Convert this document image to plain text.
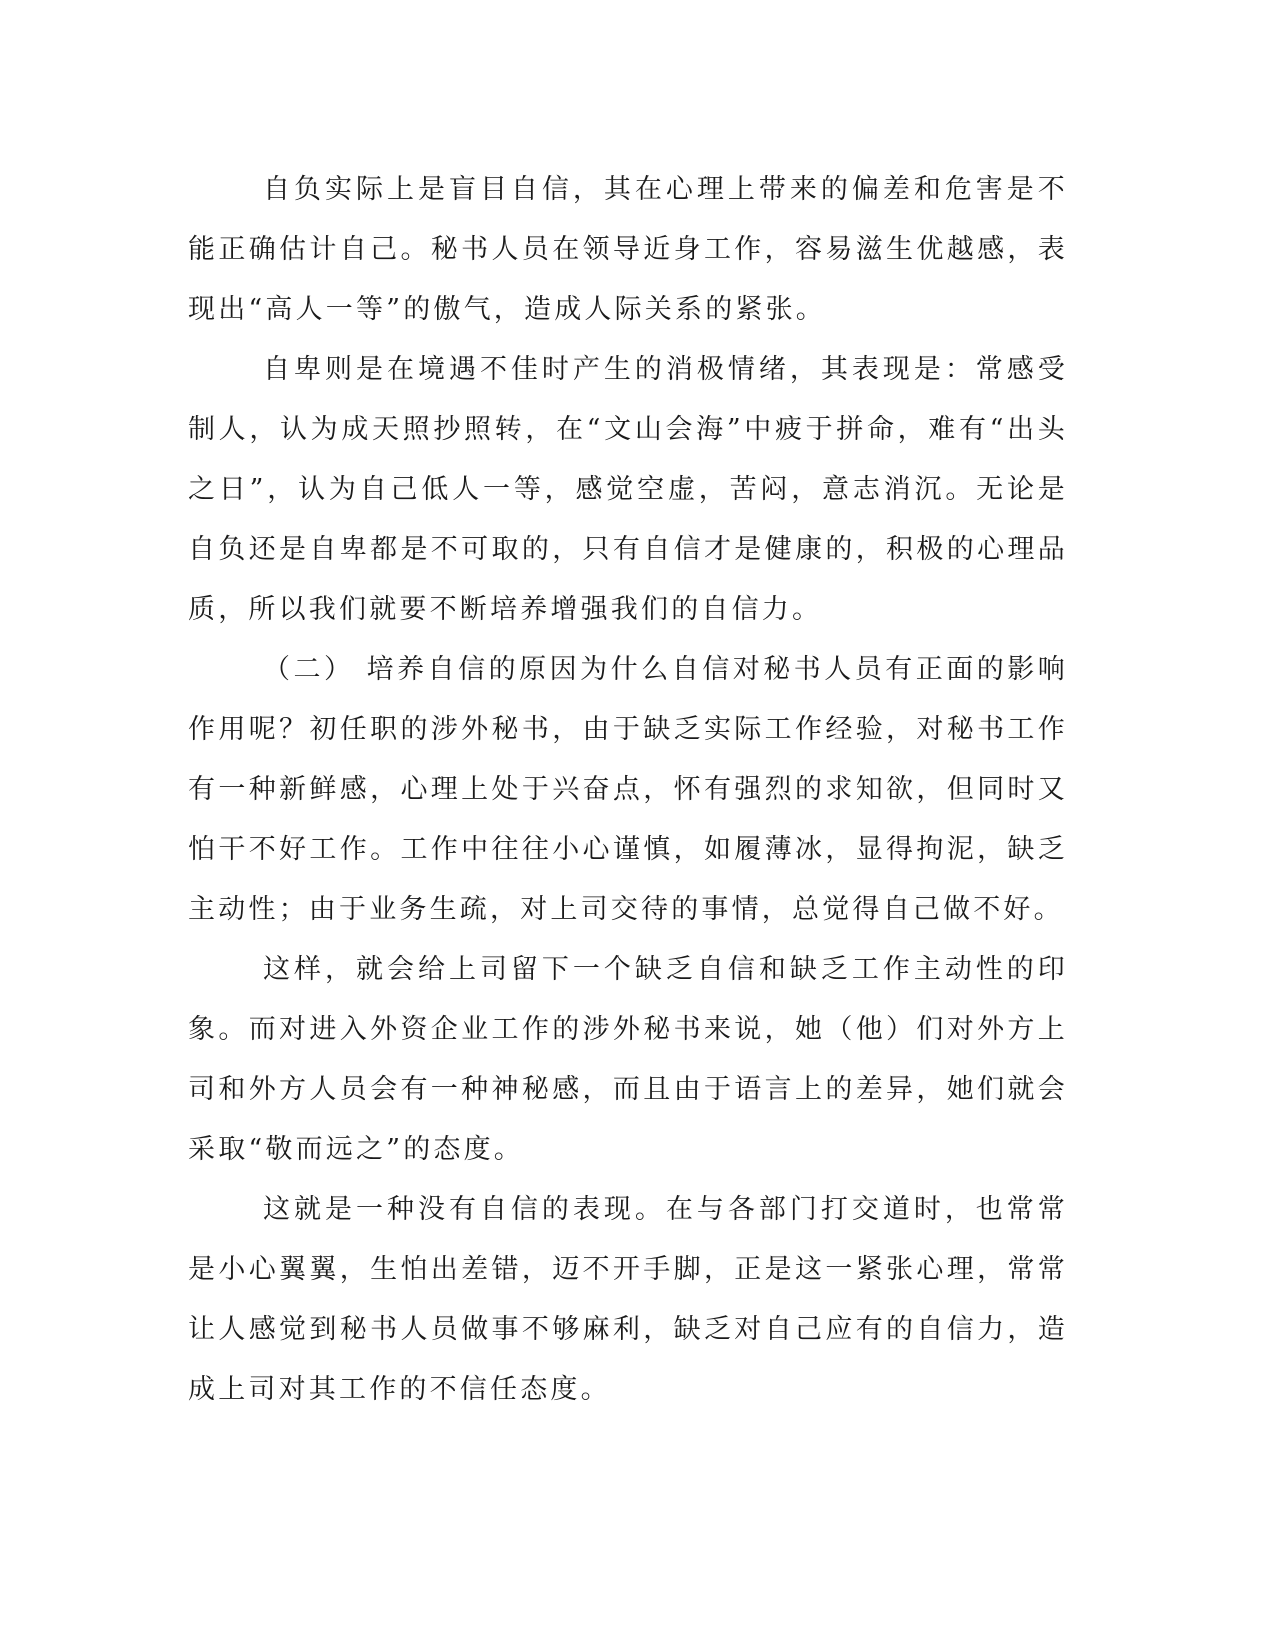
自负实际上是盲目自信，其在心理上带来的偏差和危害是不能正确估计自己。秘书人员在领导近身工作，容易滋生优越感，表现出“高人一等”的傲气，造成人际关系的紧张。

自卑则是在境遇不佳时产生的消极情绪，其表现是：常感受制人，认为成天照抄照转，在“文山会海”中疲于拼命，难有“出头之日”，认为自己低人一等，感觉空虚，苦闷，意志消沉。无论是自负还是自卑都是不可取的，只有自信才是健康的，积极的心理品质，所以我们就要不断培养增强我们的自信力。

（二） 培养自信的原因为什么自信对秘书人员有正面的影响作用呢？初任职的涉外秘书，由于缺乏实际工作经验，对秘书工作有一种新鲜感，心理上处于兴奋点，怀有强烈的求知欲，但同时又怕干不好工作。工作中往往小心谨慎，如履薄冰，显得拘泥，缺乏主动性；由于业务生疏，对上司交待的事情，总觉得自己做不好。

这样，就会给上司留下一个缺乏自信和缺乏工作主动性的印象。而对进入外资企业工作的涉外秘书来说，她（他）们对外方上司和外方人员会有一种神秘感，而且由于语言上的差异，她们就会采取“敬而远之”的态度。

这就是一种没有自信的表现。在与各部门打交道时，也常常是小心翼翼，生怕出差错，迈不开手脚，正是这一紧张心理，常常让人感觉到秘书人员做事不够麻利，缺乏对自己应有的自信力，造成上司对其工作的不信任态度。
